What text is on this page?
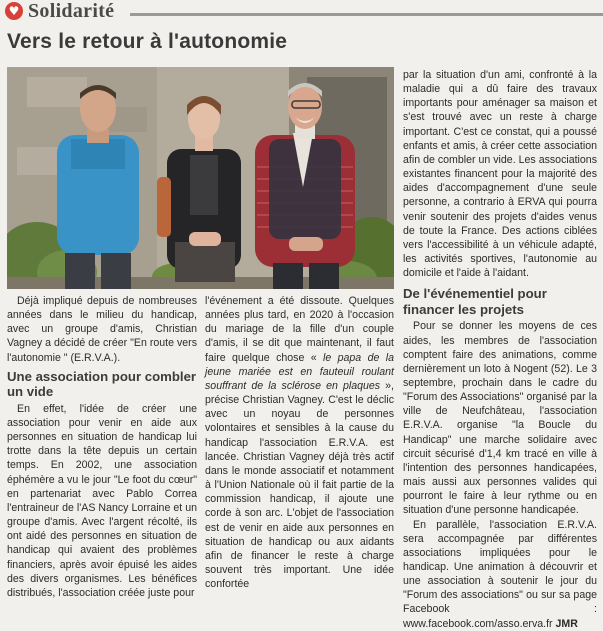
♥ Solidarité
Vers le retour à l'autonomie

Déjà impliqué depuis de nombreuses années dans le milieu du handicap, avec un groupe d'amis, Christian Vagney a décidé de créer "En route vers l'autonomie " (E.R.V.A.).

Une association pour combler un vide

En effet, l'idée de créer une association pour venir en aide aux personnes en situation de handicap lui trotte dans la tête depuis un certain temps. En 2002, une association éphémère a vu le jour "Le foot du cœur" en partenariat avec Pablo Correa l'entraineur de l'AS Nancy Lorraine et un groupe d'amis. Avec l'argent récolté, ils ont aidé des personnes en situation de handicap qui avaient des problèmes financiers, après avoir épuisé les aides des divers organismes. Les bénéfices distribués, l'association créée juste pour

l'événement a été dissoute. Quelques années plus tard, en 2020 à l'occasion du mariage de la fille d'un couple d'amis, il se dit que maintenant, il faut faire quelque chose « le papa de la jeune mariée est en fauteuil roulant souffrant de la sclérose en plaques », précise Christian Vagney. C'est le déclic avec un noyau de personnes volontaires et sensibles à la cause du handicap l'association E.R.V.A. est lancée. Christian Vagney déjà très actif dans le monde associatif et notamment à l'Union Nationale où il fait partie de la commission handicap, il ajoute une corde à son arc. L'objet de l'association est de venir en aide aux personnes en situation de handicap ou aux aidants afin de financer le reste à charge souvent très important. Une idée confortée

par la situation d'un ami, confronté à la maladie qui a dû faire des travaux importants pour aménager sa maison et s'est trouvé avec un reste à charge important. C'est ce constat, qui a poussé enfants et amis, à créer cette association afin de combler un vide. Les associations existantes financent pour la majorité des aides d'accompagnement d'une seule personne, a contrario à ERVA qui pourra venir soutenir des projets d'aides venus de toute la France. Des actions ciblées vers l'accessibilité à un véhicule adapté, les activités sportives, l'autonomie au domicile et l'aide à l'aidant.

De l'événementiel pour financer les projets

Pour se donner les moyens de ces aides, les membres de l'association comptent faire des animations, comme dernièrement un loto à Nogent (52). Le 3 septembre, prochain dans le cadre du "Forum des Associations" organisé par la ville de Neufchâteau, l'association E.R.V.A. organise "la Boucle du Handicap" une marche solidaire avec circuit sécurisé d'1,4 km tracé en ville à l'intention des personnes handicapées, mais aussi aux personnes valides qui pourront le faire à leur rythme ou en situation d'une personne handicapée.

En parallèle, l'association E.R.V.A. sera accompagnée par différentes associations impliquées pour le handicap. Une animation à découvrir et une association à soutenir le jour du "Forum des associations" ou sur sa page Facebook : www.facebook.com/asso.erva.fr JMR
